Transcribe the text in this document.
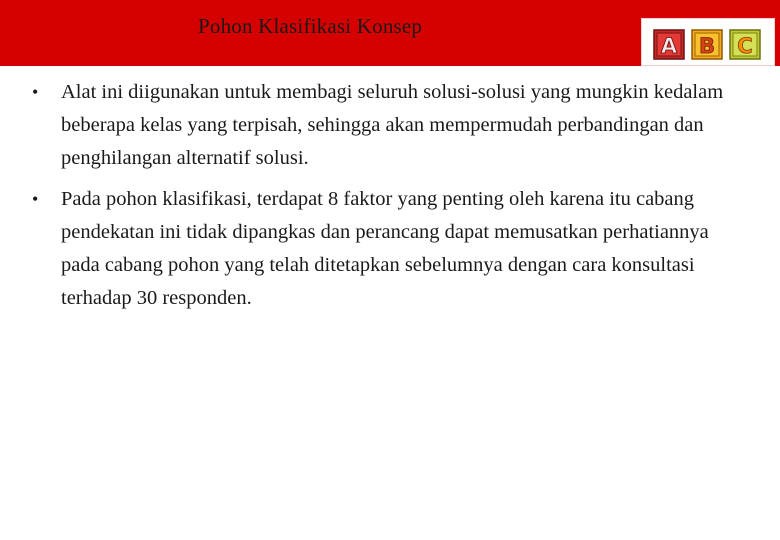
Pohon Klasifikasi Konsep
A B C
• Alat ini diigunakan untuk membagi seluruh solusi-solusi yang mungkin kedalam beberapa kelas yang terpisah, sehingga akan mempermudah perbandingan dan penghilangan alternatif solusi.
• Pada pohon klasifikasi, terdapat 8 faktor yang penting oleh karena itu cabang pendekatan ini tidak dipangkas dan perancang dapat memusatkan perhatiannya pada cabang pohon yang telah ditetapkan sebelumnya dengan cara konsultasi terhadap 30 responden.
